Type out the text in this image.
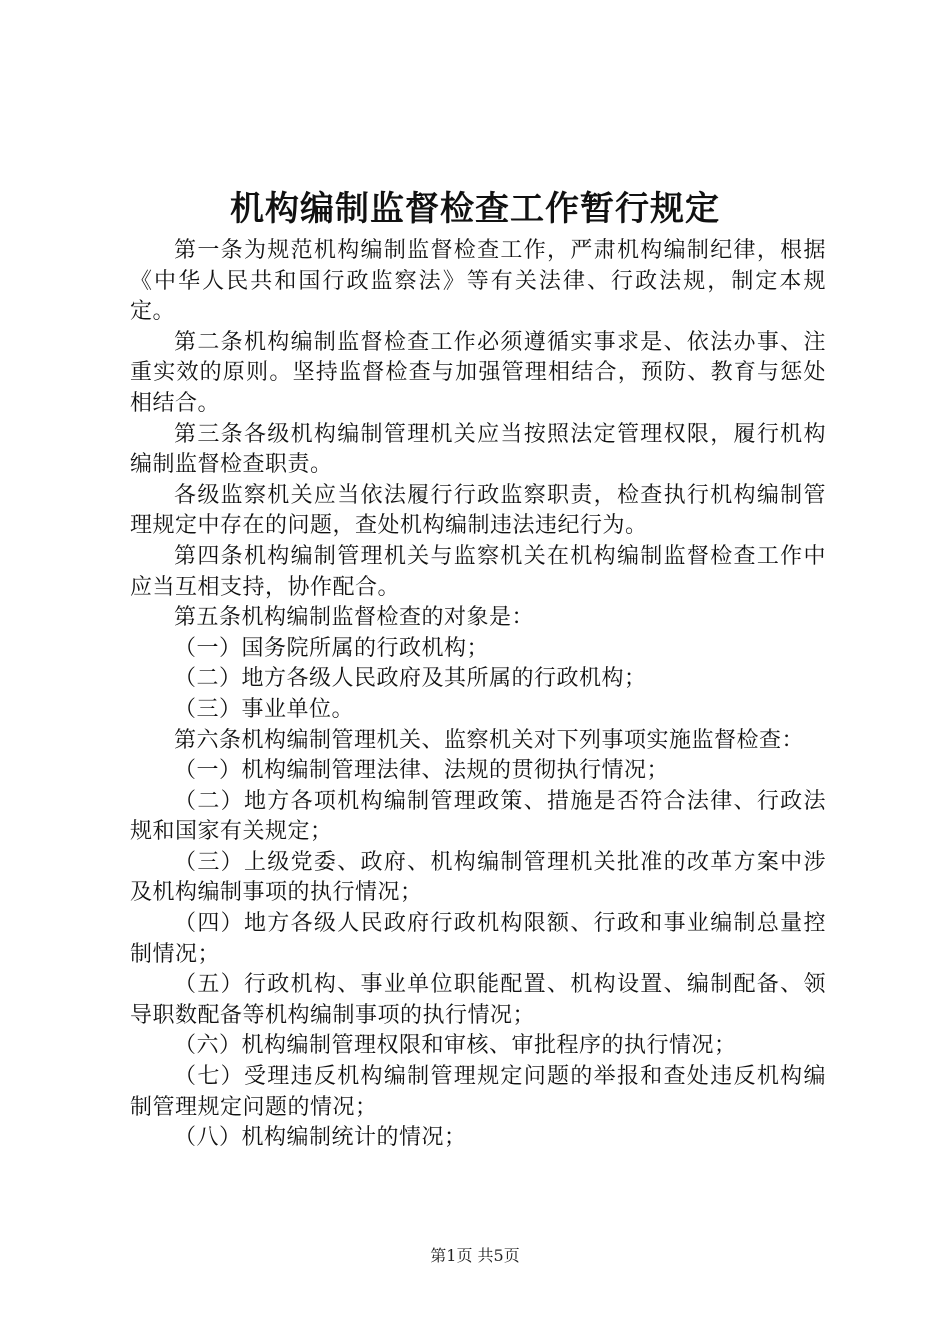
机构编制监督检查工作暂行规定

第一条为规范机构编制监督检查工作，严肃机构编制纪律，根据《中华人民共和国行政监察法》等有关法律、行政法规，制定本规定。

第二条机构编制监督检查工作必须遵循实事求是、依法办事、注重实效的原则。坚持监督检查与加强管理相结合，预防、教育与惩处相结合。

第三条各级机构编制管理机关应当按照法定管理权限，履行机构编制监督检查职责。

各级监察机关应当依法履行行政监察职责，检查执行机构编制管理规定中存在的问题，查处机构编制违法违纪行为。

第四条机构编制管理机关与监察机关在机构编制监督检查工作中应当互相支持，协作配合。

第五条机构编制监督检查的对象是：

（一）国务院所属的行政机构；

（二）地方各级人民政府及其所属的行政机构；

（三）事业单位。

第六条机构编制管理机关、监察机关对下列事项实施监督检查：

（一）机构编制管理法律、法规的贯彻执行情况；

（二）地方各项机构编制管理政策、措施是否符合法律、行政法规和国家有关规定；

（三）上级党委、政府、机构编制管理机关批准的改革方案中涉及机构编制事项的执行情况；

（四）地方各级人民政府行政机构限额、行政和事业编制总量控制情况；

（五）行政机构、事业单位职能配置、机构设置、编制配备、领导职数配备等机构编制事项的执行情况；

（六）机构编制管理权限和审核、审批程序的执行情况；

（七）受理违反机构编制管理规定问题的举报和查处违反机构编制管理规定问题的情况；

（八）机构编制统计的情况；

第1页 共5页
